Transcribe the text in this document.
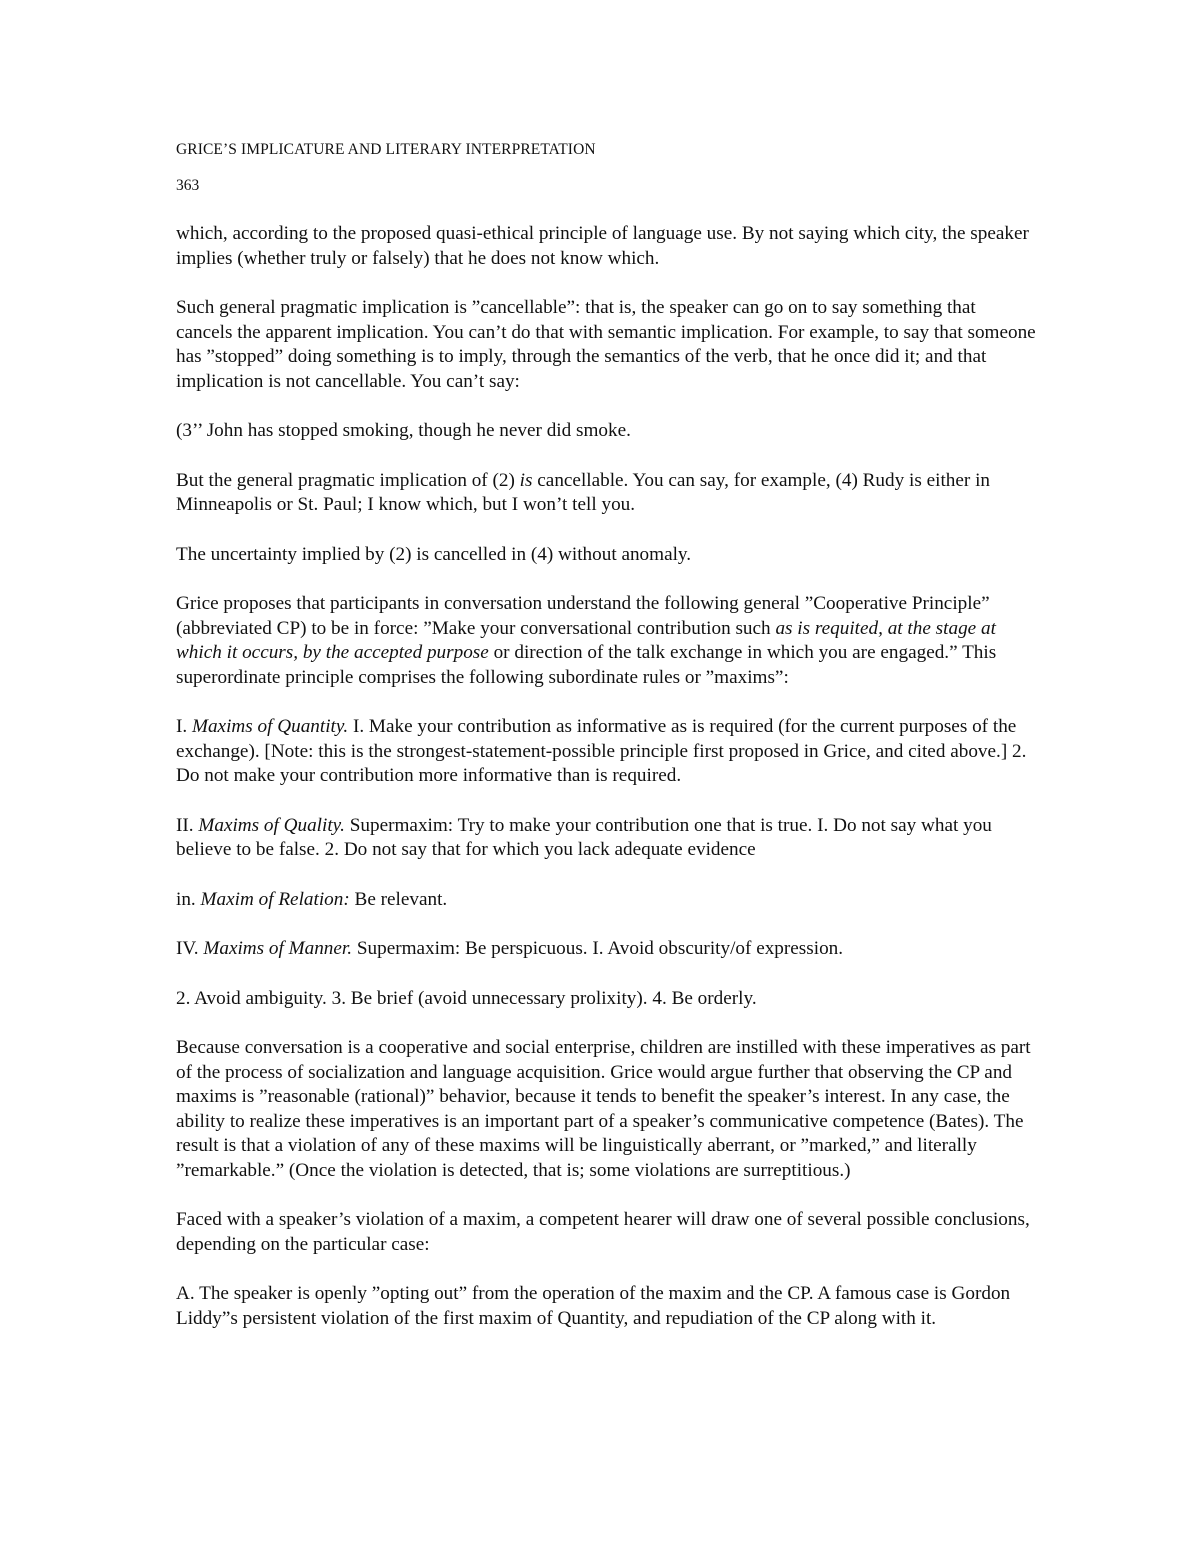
GRICE’S IMPLICATURE AND LITERARY INTERPRETATION
363

which, according to the proposed quasi-ethical principle of language use. By not saying which city, the speaker implies (whether truly or falsely) that he does not know which.

Such general pragmatic implication is ”cancellable”: that is, the speaker can go on to say something that cancels the apparent implication. You can’t do that with semantic implication. For example, to say that someone has ”stopped” doing something is to imply, through the semantics of the verb, that he once did it; and that implication is not cancellable. You can’t say:

(3’’ John has stopped smoking, though he never did smoke.

But the general pragmatic implication of (2) is cancellable. You can say, for example, (4) Rudy is either in Minneapolis or St. Paul; I know which, but I won’t tell you.

The uncertainty implied by (2) is cancelled in (4) without anomaly.

Grice proposes that participants in conversation understand the following general ”Cooperative Principle” (abbreviated CP) to be in force: ”Make your conversational contribution such as is requited, at the stage at which it occurs, by the accepted purpose or direction of the talk exchange in which you are engaged.” This superordinate principle comprises the following subordinate rules or ”maxims”:

I. Maxims of Quantity. I. Make your contribution as informative as is required (for the current purposes of the exchange). [Note: this is the strongest-statement-possible principle first proposed in Grice, and cited above.] 2. Do not make your contribution more informative than is required.

II. Maxims of Quality. Supermaxim: Try to make your contribution one that is true. I. Do not say what you believe to be false. 2. Do not say that for which you lack adequate evidence

in. Maxim of Relation: Be relevant.

IV. Maxims of Manner. Supermaxim: Be perspicuous. I. Avoid obscurity/of expression.

2. Avoid ambiguity. 3. Be brief (avoid unnecessary prolixity). 4. Be orderly.

Because conversation is a cooperative and social enterprise, children are instilled with these imperatives as part of the process of socialization and language acquisition. Grice would argue further that observing the CP and maxims is ”reasonable (rational)” behavior, because it tends to benefit the speaker’s interest. In any case, the ability to realize these imperatives is an important part of a speaker’s communicative competence (Bates). The result is that a violation of any of these maxims will be linguistically aberrant, or ”marked,” and literally ”remarkable.” (Once the violation is detected, that is; some violations are surreptitious.)

Faced with a speaker’s violation of a maxim, a competent hearer will draw one of several possible conclusions, depending on the particular case:

A. The speaker is openly ”opting out” from the operation of the maxim and the CP. A famous case is Gordon Liddy”s persistent violation of the first maxim of Quantity, and repudiation of the CP along with it.
